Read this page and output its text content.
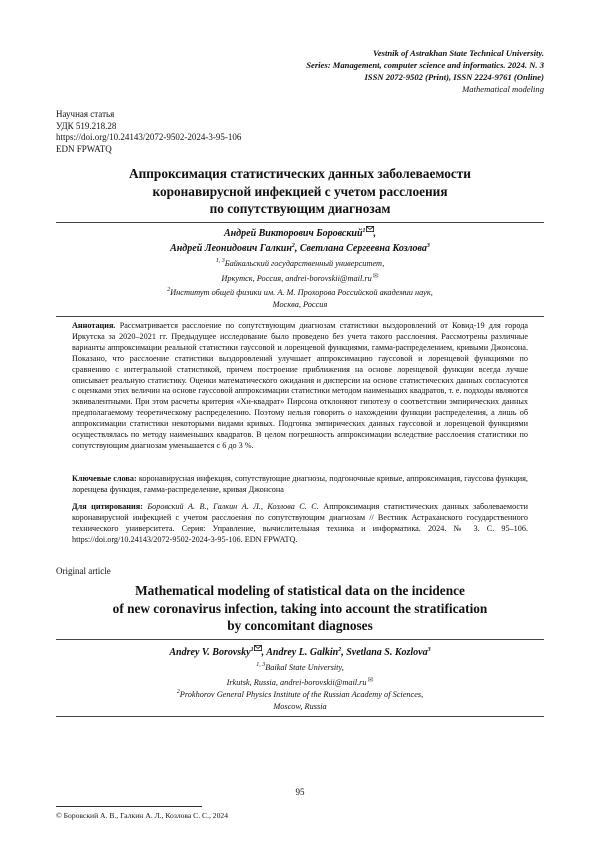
Vestnik of Astrakhan State Technical University.
Series: Management, computer science and informatics. 2024. N. 3
ISSN 2072-9502 (Print), ISSN 2224-9761 (Online)
Mathematical modeling
Научная статья
УДК 519.218.28
https://doi.org/10.24143/2072-9502-2024-3-95-106
EDN FPWATQ
Аппроксимация статистических данных заболеваемости
коронавирусной инфекцией с учетом расслоения
по сопутствующим диагнозам
Андрей Викторович Боровский$^1$ ,
Андрей Леонидович Галкин$^2$, Светлана Сергеевна Козлова$^3$
$^{1, 3}$Байкальский государственный университет,
Иркутск, Россия, andrei-borovskii@mail.ru✉
$^2$Институт общей физики им. А. М. Прохорова Российской академии наук,
Москва, Россия
Аннотация. Рассматривается расслоение по сопутствующим диагнозам статистики выздоровлений от Ковид-19 для города Иркутска за 2020–2021 гг. Предыдущее исследование было проведено без учета такого расслоения. Рассмотрены различные варианты аппроксимации реальной статистики гауссовой и лоренцевой функциями, гамма-распределением, кривыми Джонсона. Показано, что расслоение статистики выздоровлений улучшает аппроксимацию гауссовой и лоренцевой функциями по сравнению с интегральной статистикой, причем построение приближения на основе лоренцевой функции всегда лучше описывает реальную статистику. Оценки математического ожидания и дисперсии на основе статистических данных согласуются с оценками этих величин на основе гауссовой аппроксимации статистики методом наименьших квадратов, т. е. подходы являются эквивалентными. При этом расчеты критерия «Хи-квадрат» Пирсона отклоняют гипотезу о соответствии эмпирических данных предполагаемому теоретическому распределению. Поэтому нельзя говорить о нахождении функции распределения, а лишь об аппроксимации статистики некоторыми видами кривых. Подгонка эмпирических данных гауссовой и лоренцевой функциями осуществлялась по методу наименьших квадратов. В целом погрешность аппроксимации вследствие расслоения статистики по сопутствующим диагнозам уменьшается с 6 до 3 %.
Ключевые слова: коронавирусная инфекция, сопутствующие диагнозы, подгоночные кривые, аппроксимация, гауссова функция, лоренцева функция, гамма-распределение, кривая Джонсона
Для цитирования: Боровский А. В., Галкин А. Л., Козлова С. С. Аппроксимация статистических данных заболеваемости коронавирусной инфекцией с учетом расслоения по сопутствующим диагнозам // Вестник Астраханского государственного технического университета. Серия: Управление, вычислительная техника и информатика. 2024. № 3. С. 95–106. https://doi.org/10.24143/2072-9502-2024-3-95-106. EDN FPWATQ.
Original article
Mathematical modeling of statistical data on the incidence
of new coronavirus infection, taking into account the stratification
by concomitant diagnoses
Andrey V. Borovsky$^1$ , Andrey L. Galkin$^2$, Svetlana S. Kozlova$^3$
$^{1, 3}$Baikal State University,
Irkutsk, Russia, andrei-borovskii@mail.ru✉
$^2$Prokhorov General Physics Institute of the Russian Academy of Sciences,
Moscow, Russia
95
© Боровский А. В., Галкин А. Л., Козлова С. С., 2024
